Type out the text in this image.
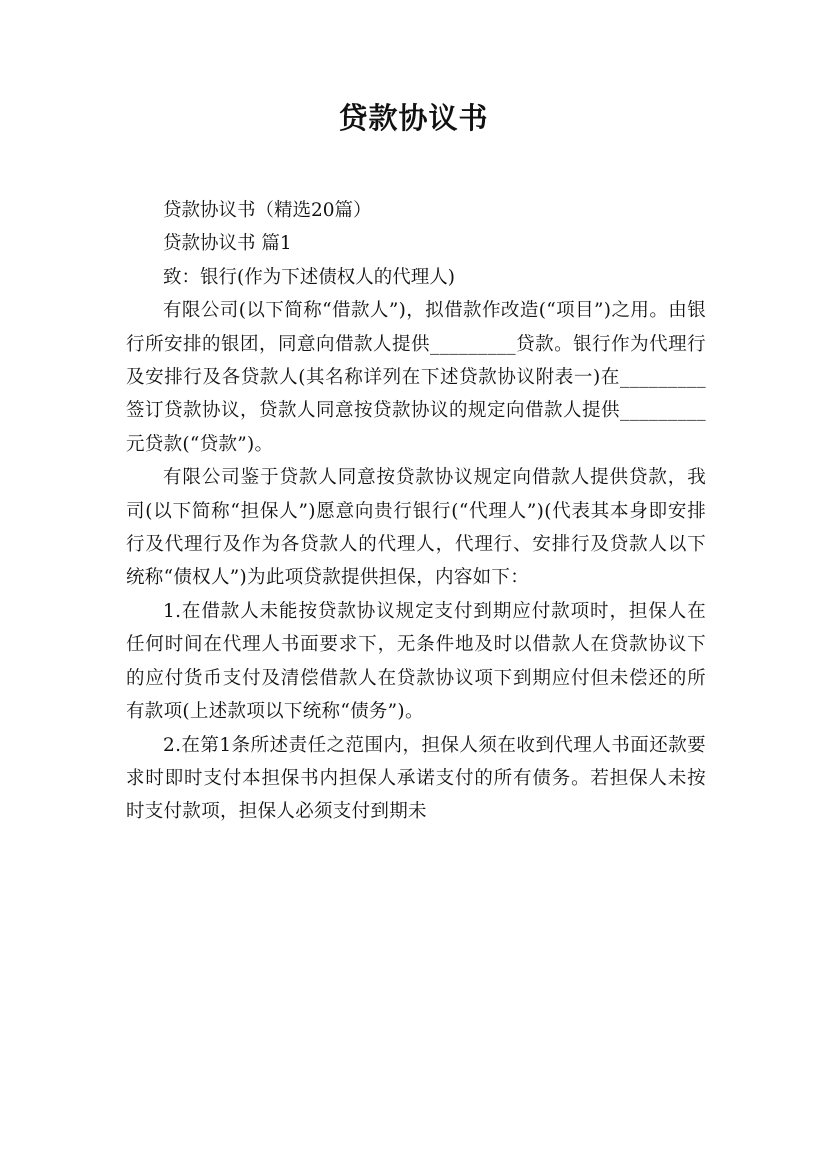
贷款协议书

贷款协议书（精选20篇）

贷款协议书 篇1

致：银行(作为下述债权人的代理人)

有限公司(以下简称“借款人”)，拟借款作改造(“项目”)之用。由银行所安排的银团，同意向借款人提供_________贷款。银行作为代理行及安排行及各贷款人(其名称详列在下述贷款协议附表一)在_________签订贷款协议，贷款人同意按贷款协议的规定向借款人提供_________元贷款(“贷款”)。

有限公司鉴于贷款人同意按贷款协议规定向借款人提供贷款，我司(以下简称“担保人”)愿意向贵行银行(“代理人”)(代表其本身即安排行及代理行及作为各贷款人的代理人，代理行、安排行及贷款人以下统称“债权人”)为此项贷款提供担保，内容如下：

1.在借款人未能按贷款协议规定支付到期应付款项时，担保人在任何时间在代理人书面要求下，无条件地及时以借款人在贷款协议下的应付货币支付及清偿借款人在贷款协议项下到期应付但未偿还的所有款项(上述款项以下统称“债务”)。

2.在第1条所述责任之范围内，担保人须在收到代理人书面还款要求时即时支付本担保书内担保人承诺支付的所有债务。若担保人未按时支付款项，担保人必须支付到期未
